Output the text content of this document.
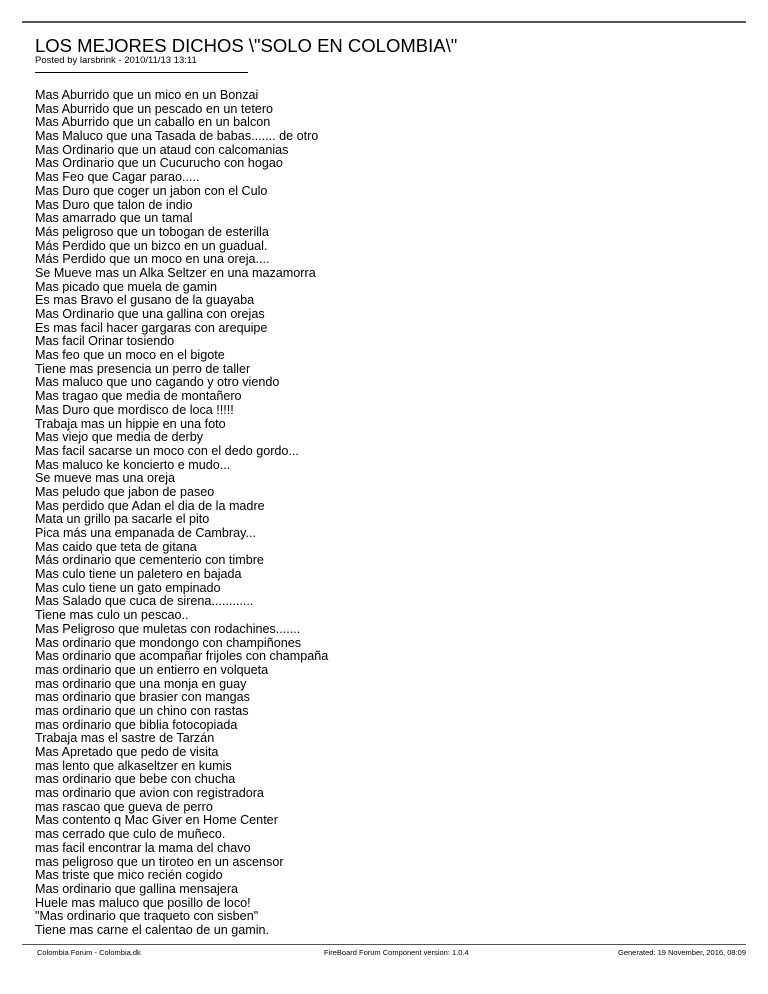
LOS MEJORES DICHOS \"SOLO EN COLOMBIA\"
Posted by larsbrink - 2010/11/13 13:11
Mas Aburrido que un mico en un Bonzai
Mas Aburrido que un pescado en un tetero
Mas Aburrido que un caballo en un balcon
Mas Maluco que una Tasada de babas....... de otro
Mas Ordinario que un ataud con calcomanias
Mas Ordinario que un Cucurucho con hogao
Mas Feo que Cagar parao.....
Mas Duro que coger un jabon con el Culo
Mas Duro que talon de indio
Mas amarrado que un tamal
Más peligroso que un tobogan de esterilla
Más Perdido que un bizco en un guadual.
Más Perdido que un moco en una oreja....
Se Mueve mas un Alka Seltzer en una mazamorra
Mas picado que muela de gamin
Es mas Bravo el gusano de la guayaba
Mas Ordinario que una gallina con orejas
Es mas facil hacer gargaras con arequipe
Mas facil Orinar tosiendo
Mas feo que un moco en el bigote
Tiene mas presencia un perro de taller
Mas maluco que uno cagando y otro viendo
Mas tragao que media de montañero
Mas Duro que mordisco de loca !!!!!
Trabaja mas un hippie en una foto
Mas viejo que media de derby
Mas facil sacarse un moco con el dedo gordo...
Mas maluco ke koncierto e mudo...
Se mueve mas una oreja
Mas peludo que jabon de paseo
Mas perdido que Adan el dia de la madre
Mata un grillo pa sacarle el pito
Pica más una empanada de Cambray...
Mas caido que teta de gitana
Más ordinario que cementerio con timbre
Mas culo tiene un paletero en bajada
Mas culo tiene un gato empinado
Mas Salado que cuca de sirena............
Tiene mas culo un pescao..
Mas Peligroso que muletas con rodachines.......
Mas ordinario que mondongo con champiñones
Mas ordinario que acompañar frijoles con champaña
mas ordinario que un entierro en volqueta
mas ordinario que una monja en guay
mas ordinario que brasier con mangas
mas ordinario que un chino con rastas
mas ordinario que biblia fotocopiada
Trabaja mas el sastre de Tarzán
Mas Apretado que pedo de visita
mas lento que alkaseltzer en kumis
mas ordinario que bebe con chucha
mas ordinario que avion con registradora
mas rascao que gueva de perro
Mas contento q Mac Giver en Home Center
mas cerrado que culo de muñeco.
mas facil encontrar la mama del chavo
mas peligroso que un tiroteo en un ascensor
Mas triste que mico recién cogido
Mas ordinario que gallina mensajera
Huele mas maluco que posillo de loco!
"Mas ordinario que traqueto con sisben"
Tiene mas carne el calentao de un gamin.
Colombia Forum - Colombia.dk	FireBoard Forum Component version: 1.0.4	Generated: 19 November, 2016, 08:09
